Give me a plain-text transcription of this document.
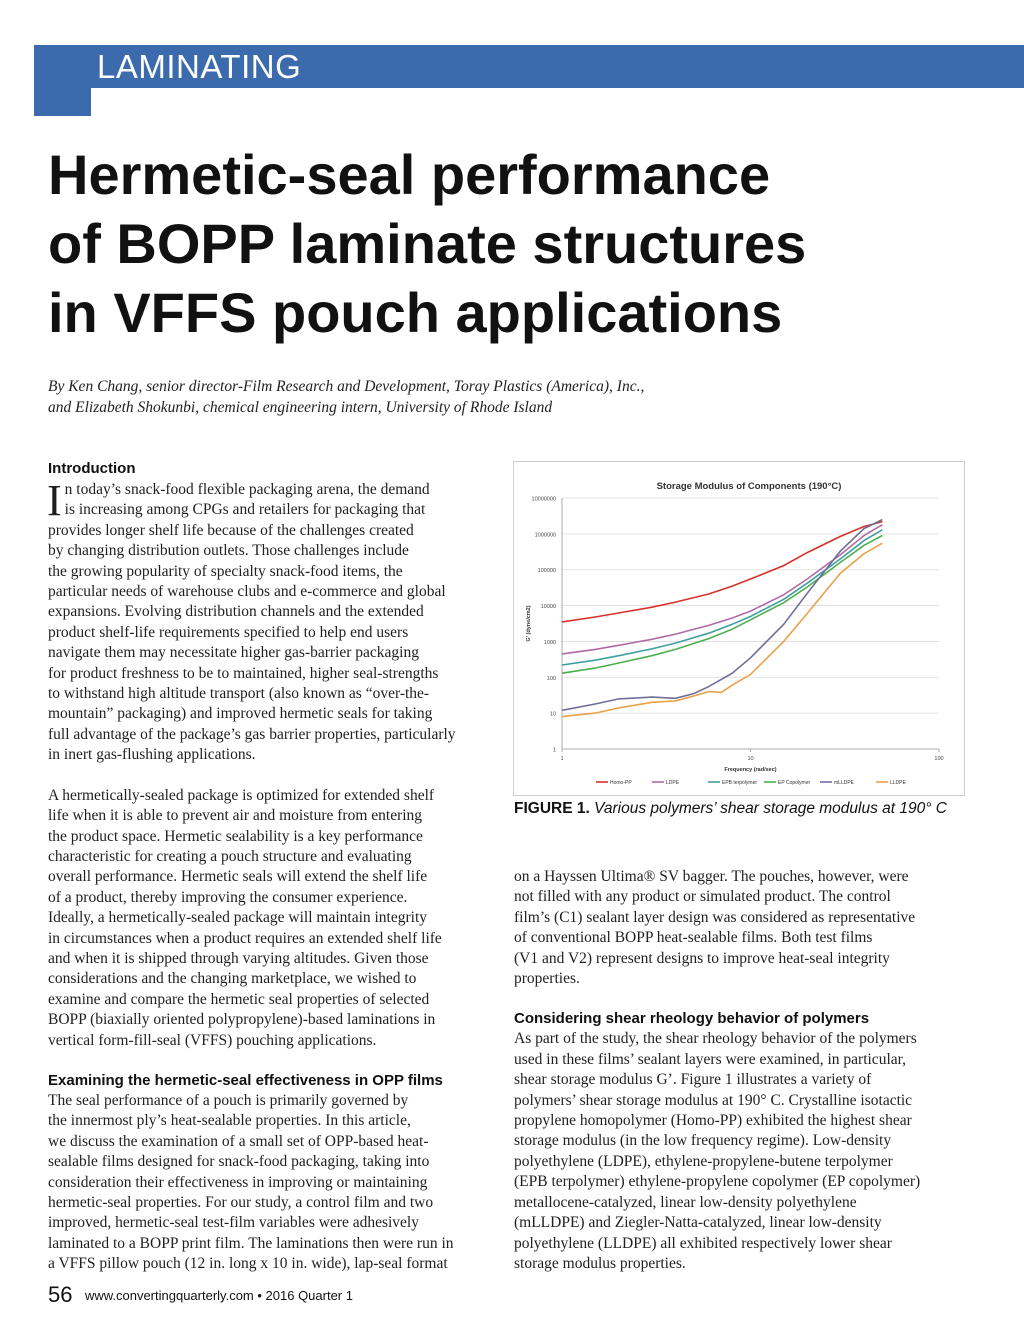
LAMINATING
Hermetic-seal performance
of BOPP laminate structures
in VFFS pouch applications
By Ken Chang, senior director-Film Research and Development, Toray Plastics (America), Inc.,
and Elizabeth Shokunbi, chemical engineering intern, University of Rhode Island
Introduction

I n today’s snack-food flexible packaging arena, the demand
is increasing among CPGs and retailers for packaging that
provides longer shelf life because of the challenges created
by changing distribution outlets. Those challenges include
the growing popularity of specialty snack-food items, the
particular needs of warehouse clubs and e-commerce and global
expansions. Evolving distribution channels and the extended
product shelf-life requirements specified to help end users
navigate them may necessitate higher gas-barrier packaging
for product freshness to be to maintained, higher seal-strengths
to withstand high altitude transport (also known as “over-the-
mountain” packaging) and improved hermetic seals for taking
full advantage of the package’s gas barrier properties, particularly
in inert gas-flushing applications.

A hermetically-sealed package is optimized for extended shelf
life when it is able to prevent air and moisture from entering
the product space. Hermetic sealability is a key performance
characteristic for creating a pouch structure and evaluating
overall performance. Hermetic seals will extend the shelf life
of a product, thereby improving the consumer experience.
Ideally, a hermetically-sealed package will maintain integrity
in circumstances when a product requires an extended shelf life
and when it is shipped through varying altitudes. Given those
considerations and the changing marketplace, we wished to
examine and compare the hermetic seal properties of selected
BOPP (biaxially oriented polypropylene)-based laminations in
vertical form-fill-seal (VFFS) pouching applications.

Examining the hermetic-seal effectiveness in OPP films

The seal performance of a pouch is primarily governed by
the innermost ply’s heat-sealable properties. In this article,
we discuss the examination of a small set of OPP-based heat-
sealable films designed for snack-food packaging, taking into
consideration their effectiveness in improving or maintaining
hermetic-seal properties. For our study, a control film and two
improved, hermetic-seal test-film variables were adhesively
laminated to a BOPP print film. The laminations then were run in
a VFFS pillow pouch (12 in. long x 10 in. wide), lap-seal format

Storage Modulus of Components (190°C)
1
10
100
1000
10000
100000
1000000
10000000
1	10	100
Frequency (rad/sec)
G' (dyne/cm2)
Homo-PP	LDPE	EPB terpolymer	EP Copolymer	mLLDPE	LLDPE
FIGURE 1. Various polymers’ shear storage modulus at 190° C

on a Hayssen Ultima® SV bagger. The pouches, however, were
not filled with any product or simulated product. The control
film’s (C1) sealant layer design was considered as representative
of conventional BOPP heat-sealable films. Both test films
(V1 and V2) represent designs to improve heat-seal integrity
properties.

Considering shear rheology behavior of polymers

As part of the study, the shear rheology behavior of the polymers
used in these films’ sealant layers were examined, in particular,
shear storage modulus G’. Figure 1 illustrates a variety of
polymers’ shear storage modulus at 190° C. Crystalline isotactic
propylene homopolymer (Homo-PP) exhibited the highest shear
storage modulus (in the low frequency regime). Low-density
polyethylene (LDPE), ethylene-propylene-butene terpolymer
(EPB terpolymer) ethylene-propylene copolymer (EP copolymer)
metallocene-catalyzed, linear low-density polyethylene
(mLLDPE) and Ziegler-Natta-catalyzed, linear low-density
polyethylene (LLDPE) all exhibited respectively lower shear
storage modulus properties.

56 www.convertingquarterly.com • 2016 Quarter 1
